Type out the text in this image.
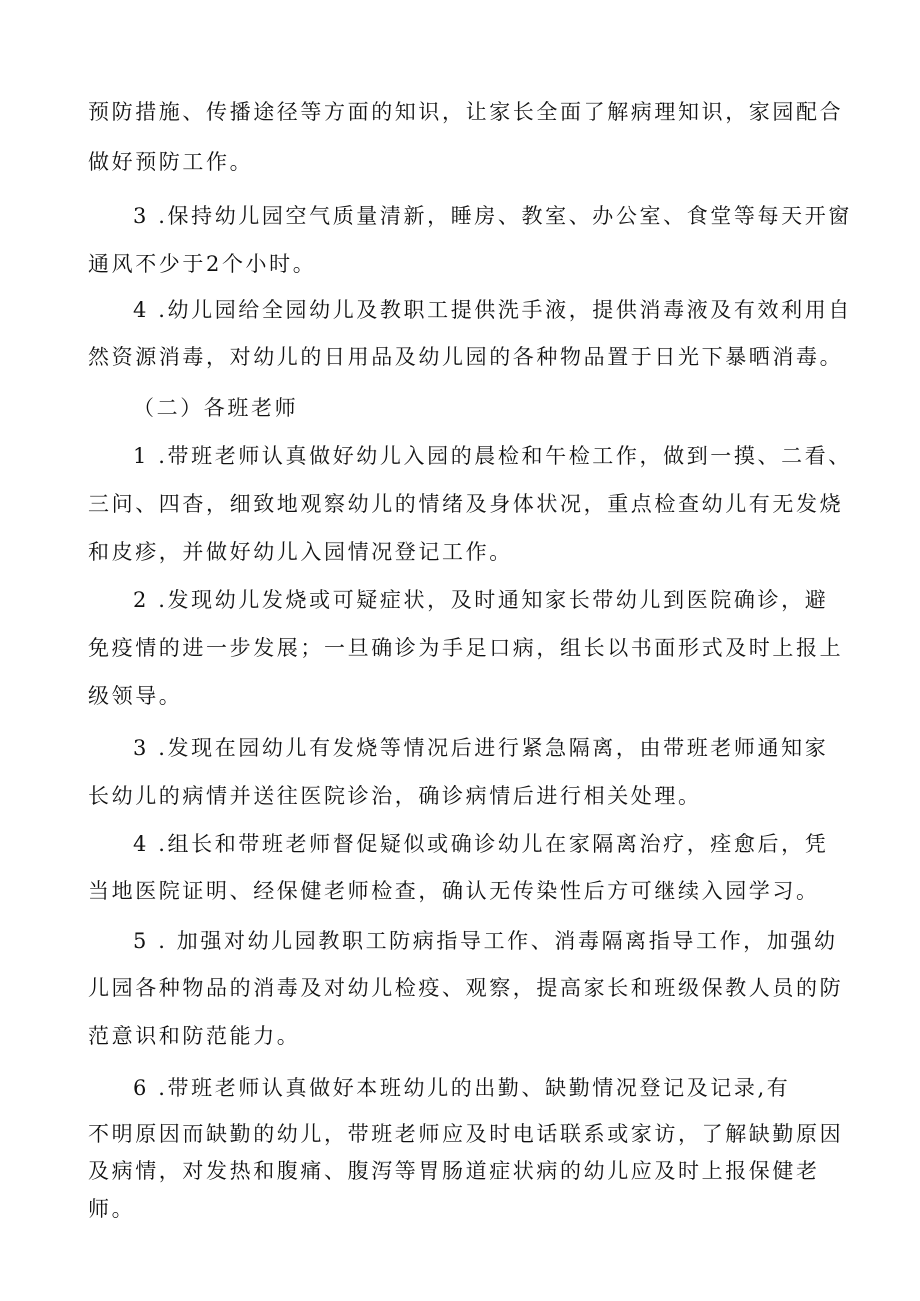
预防措施、传播途径等方面的知识，让家长全面了解病理知识，家园配合
做好预防工作。
3 .保持幼儿园空气质量清新，睡房、教室、办公室、食堂等每天开窗
通风不少于2个小时。
4 .幼儿园给全园幼儿及教职工提供洗手液，提供消毒液及有效利用自
然资源消毒，对幼儿的日用品及幼儿园的各种物品置于日光下暴晒消毒。
（二）各班老师
1 .带班老师认真做好幼儿入园的晨检和午检工作，做到一摸、二看、
三问、四杳，细致地观察幼儿的情绪及身体状况，重点检查幼儿有无发烧
和皮疹，并做好幼儿入园情况登记工作。
2 .发现幼儿发烧或可疑症状，及时通知家长带幼儿到医院确诊，避
免疫情的进一步发展；一旦确诊为手足口病，组长以书面形式及时上报上
级领导。
3 .发现在园幼儿有发烧等情况后进行紧急隔离，由带班老师通知家
长幼儿的病情并送往医院诊治，确诊病情后进行相关处理。
4 .组长和带班老师督促疑似或确诊幼儿在家隔离治疗，痊愈后，凭
当地医院证明、经保健老师检查，确认无传染性后方可继续入园学习。
5 . 加强对幼儿园教职工防病指导工作、消毒隔离指导工作，加强幼
儿园各种物品的消毒及对幼儿检疫、观察，提高家长和班级保教人员的防
范意识和防范能力。
6 .带班老师认真做好本班幼儿的出勤、缺勤情况登记及记录,有
不明原因而缺勤的幼儿，带班老师应及时电话联系或家访，了解缺勤原因
及病情，对发热和腹痛、腹泻等胃肠道症状病的幼儿应及时上报保健老
师。
